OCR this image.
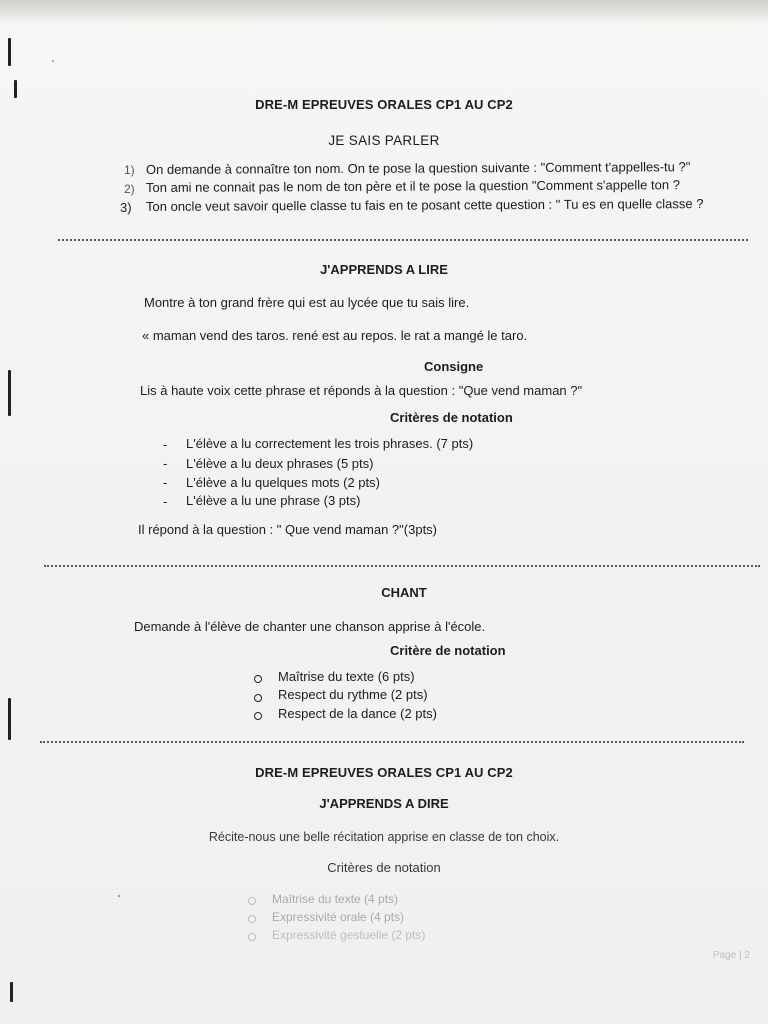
DRE-M EPREUVES ORALES CP1 AU CP2
JE SAIS PARLER
1) On demande à connaître ton nom. On te pose la question suivante : "Comment t'appelles-tu ?"
2) Ton ami ne connait pas le nom de ton père et il te pose la question "Comment s'appelle ton ?
3) Ton oncle veut savoir quelle classe tu fais en te posant cette question : " Tu es en quelle classe ?
J'APPRENDS A LIRE
Montre à ton grand frère qui est au lycée que tu sais lire.
« maman vend des taros. rené est au repos. le rat a mangé le taro.
Consigne
Lis à haute voix cette phrase et réponds à la question : "Que vend maman ?"
Critères de notation
- L'élève a lu correctement les trois phrases. (7 pts)
- L'élève a lu deux phrases (5 pts)
- L'élève a lu quelques mots (2 pts)
- L'élève a lu une phrase (3 pts)
Il répond à la question : " Que vend maman ?"(3pts)
CHANT
Demande à l'élève de chanter une chanson apprise à l'école.
Critère de notation
Maîtrise du texte (6 pts)
Respect du rythme (2 pts)
Respect de la dance (2 pts)
DRE-M EPREUVES ORALES CP1 AU CP2
J'APPRENDS A DIRE
Récite-nous une belle récitation apprise en classe de ton choix.
Critères de notation
Maîtrise du texte (4 pts)
Expressivité orale (4 pts)
Expressivité gestuelle (2 pts)
Page | 2
